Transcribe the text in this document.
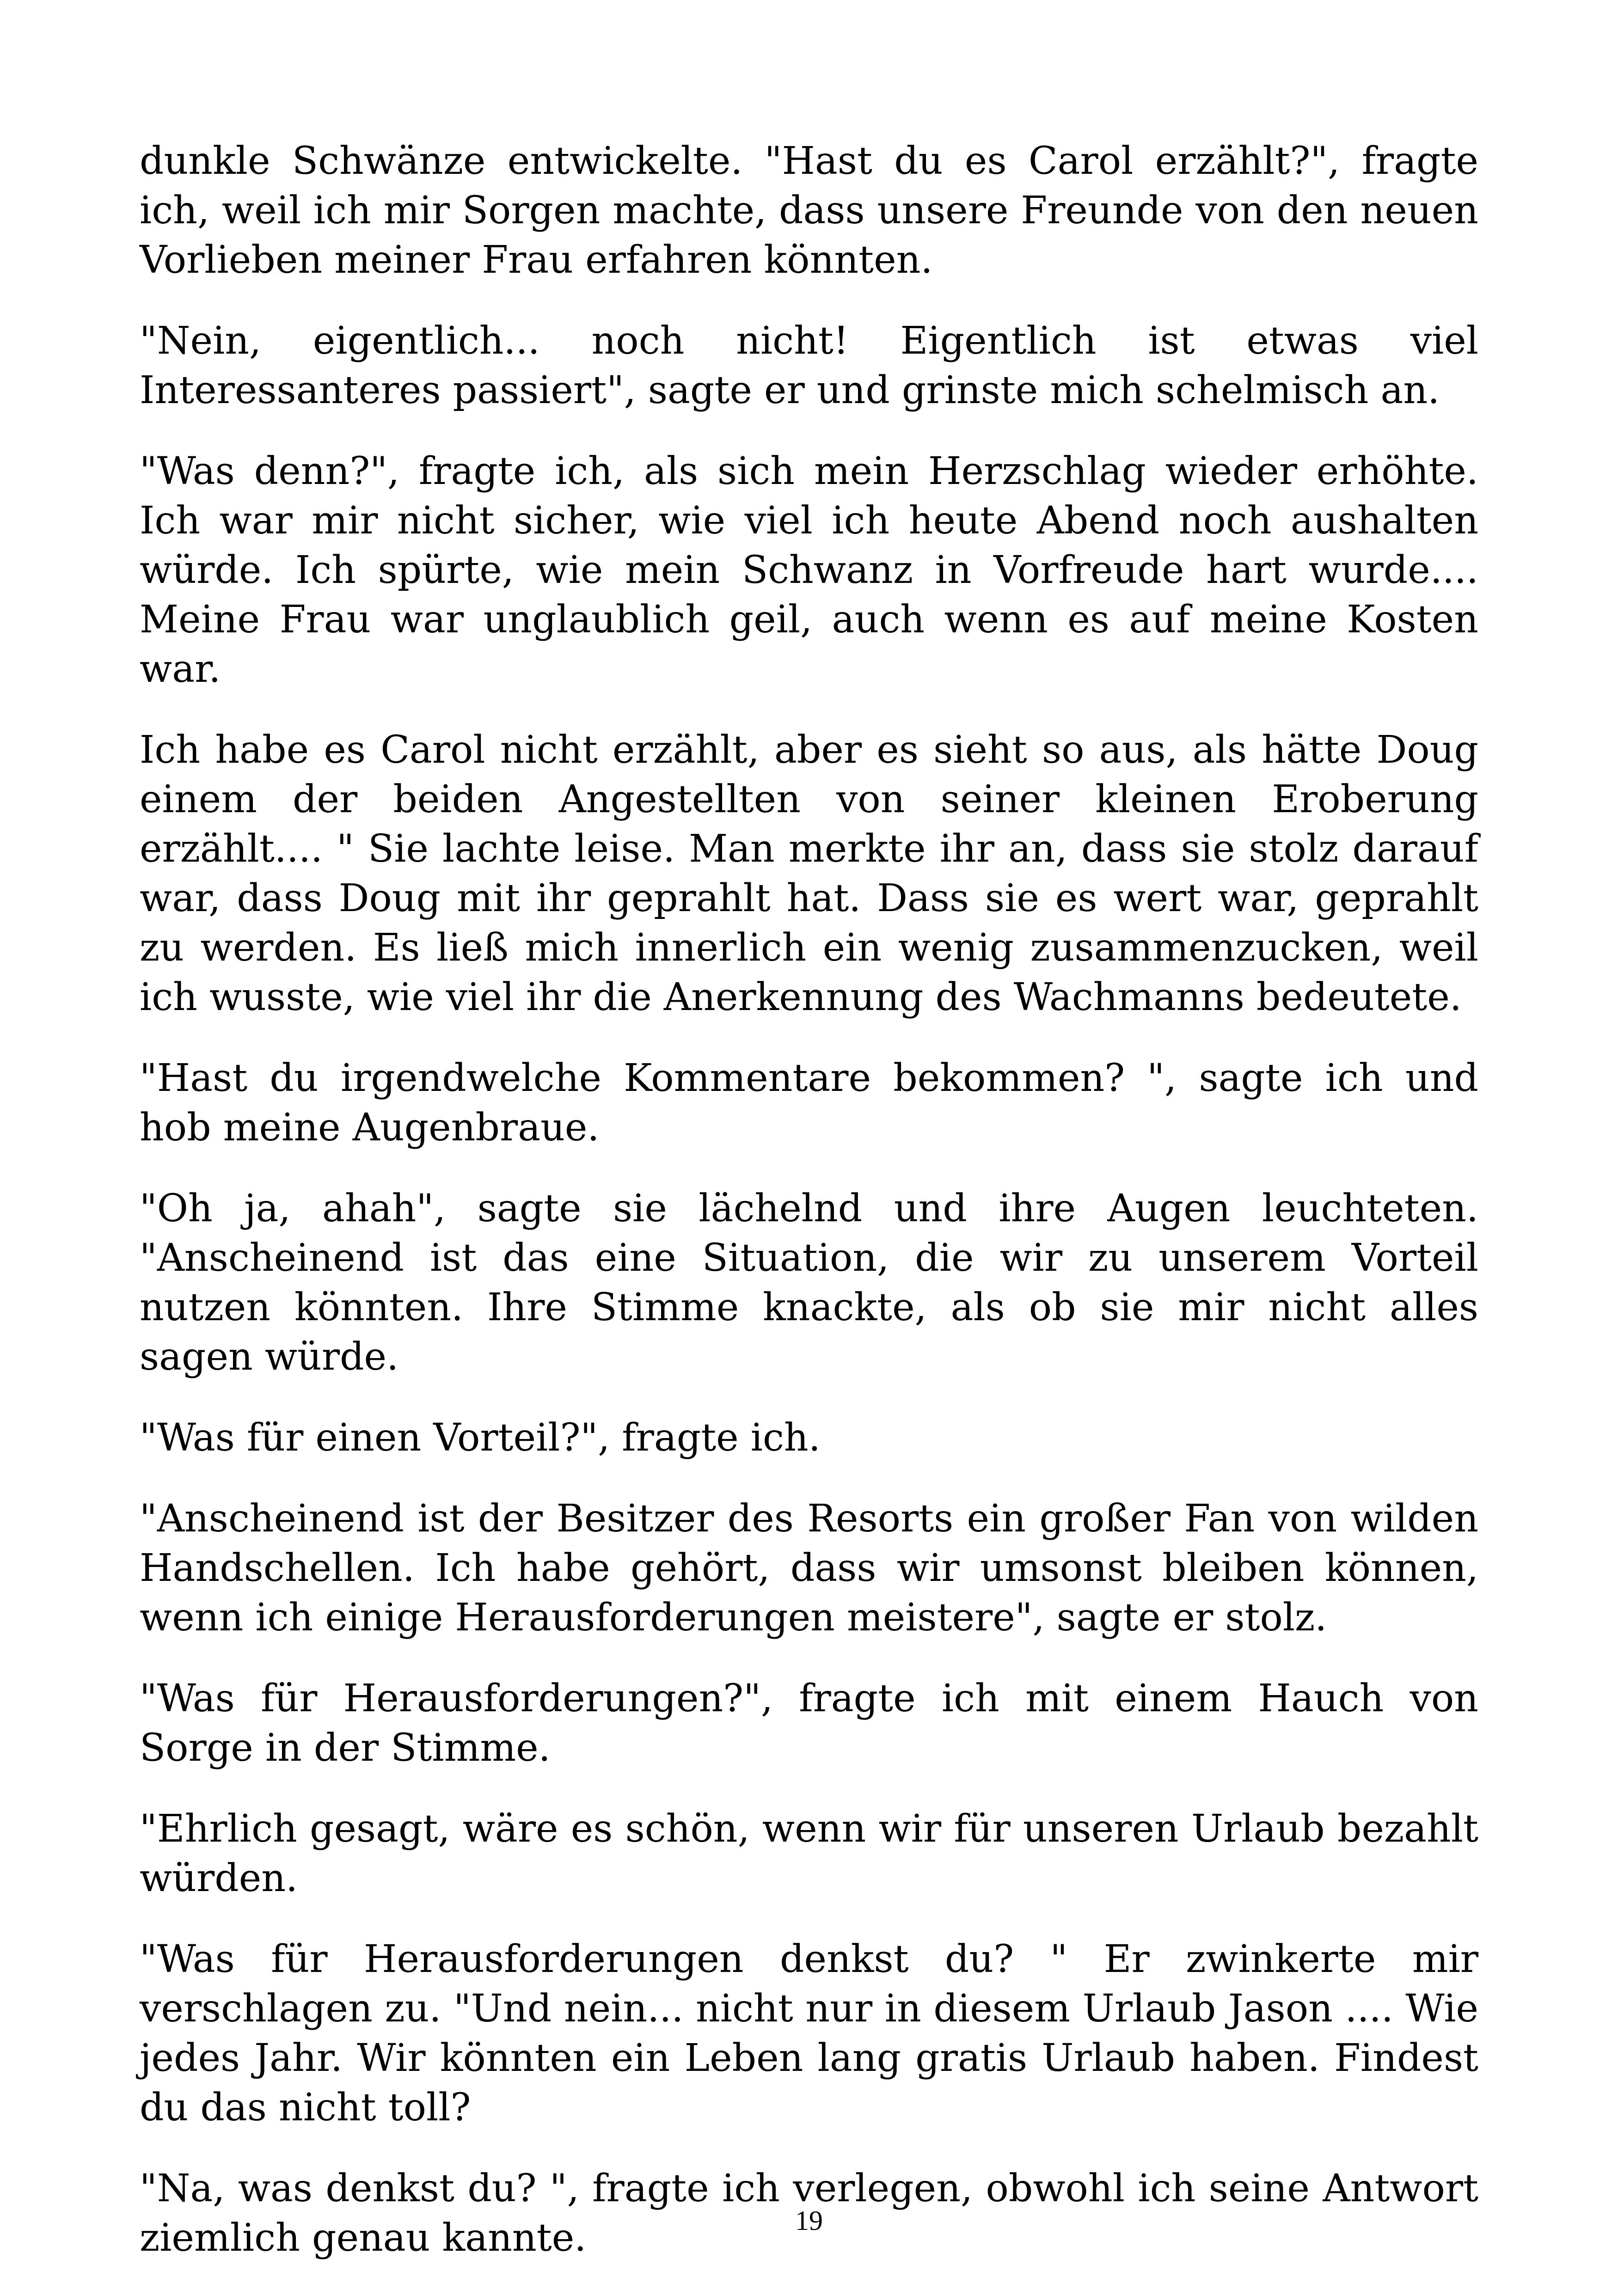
dunkle Schwänze entwickelte. "Hast du es Carol erzählt?", fragte ich, weil ich mir Sorgen machte, dass unsere Freunde von den neuen Vorlieben meiner Frau erfahren könnten.

"Nein, eigentlich... noch nicht! Eigentlich ist etwas viel Interessanteres passiert", sagte er und grinste mich schelmisch an.

"Was denn?", fragte ich, als sich mein Herzschlag wieder erhöhte. Ich war mir nicht sicher, wie viel ich heute Abend noch aushalten würde. Ich spürte, wie mein Schwanz in Vorfreude hart wurde.... Meine Frau war unglaublich geil, auch wenn es auf meine Kosten war.

Ich habe es Carol nicht erzählt, aber es sieht so aus, als hätte Doug einem der beiden Angestellten von seiner kleinen Eroberung erzählt.... " Sie lachte leise. Man merkte ihr an, dass sie stolz darauf war, dass Doug mit ihr geprahlt hat. Dass sie es wert war, geprahlt zu werden. Es ließ mich innerlich ein wenig zusammenzucken, weil ich wusste, wie viel ihr die Anerkennung des Wachmanns bedeutete.

"Hast du irgendwelche Kommentare bekommen? ", sagte ich und hob meine Augenbraue.

"Oh ja, ahah", sagte sie lächelnd und ihre Augen leuchteten. "Anscheinend ist das eine Situation, die wir zu unserem Vorteil nutzen könnten. Ihre Stimme knackte, als ob sie mir nicht alles sagen würde.

"Was für einen Vorteil?", fragte ich.

"Anscheinend ist der Besitzer des Resorts ein großer Fan von wilden Handschellen. Ich habe gehört, dass wir umsonst bleiben können, wenn ich einige Herausforderungen meistere", sagte er stolz.

"Was für Herausforderungen?", fragte ich mit einem Hauch von Sorge in der Stimme.

"Ehrlich gesagt, wäre es schön, wenn wir für unseren Urlaub bezahlt würden.

"Was für Herausforderungen denkst du? " Er zwinkerte mir verschlagen zu. "Und nein... nicht nur in diesem Urlaub Jason .... Wie jedes Jahr. Wir könnten ein Leben lang gratis Urlaub haben. Findest du das nicht toll?

"Na, was denkst du? ", fragte ich verlegen, obwohl ich seine Antwort ziemlich genau kannte.	19
